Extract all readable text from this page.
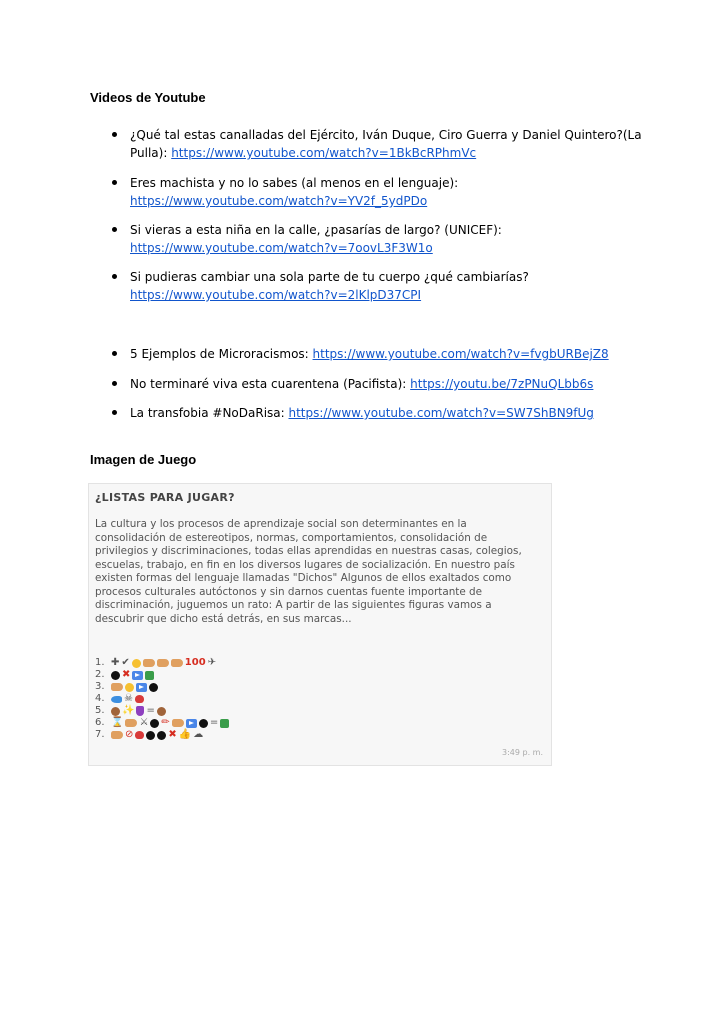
Videos de Youtube
¿Qué tal estas canalladas del Ejército, Iván Duque, Ciro Guerra y Daniel Quintero?(La Pulla): https://www.youtube.com/watch?v=1BkBcRPhmVc
Eres machista y no lo sabes (al menos en el lenguaje):
https://www.youtube.com/watch?v=YV2f_5ydPDo
Si vieras a esta niña en la calle, ¿pasarías de largo? (UNICEF):
https://www.youtube.com/watch?v=7oovL3F3W1o
Si pudieras cambiar una sola parte de tu cuerpo ¿qué cambiarías?
https://www.youtube.com/watch?v=2lKlpD37CPI
5 Ejemplos de Microracismos: https://www.youtube.com/watch?v=fvgbURBejZ8
No terminaré viva esta cuarentena (Pacifista): https://youtu.be/7zPNuQLbb6s
La transfobia #NoDaRisa: https://www.youtube.com/watch?v=SW7ShBN9fUg
Imagen de Juego
¿LISTAS PARA JUGAR?
La cultura y los procesos de aprendizaje social son determinantes en la consolidación de estereotipos, normas, comportamientos, consolidación de privilegios y discriminaciones, todas ellas aprendidas en nuestras casas, colegios, escuelas, trabajo, en fin en los diversos lugares de socialización. En nuestro país existen formas del lenguaje llamadas "Dichos" Algunos de ellos exaltados como procesos culturales autóctonos y sin darnos cuentas fuente importante de discriminación, juguemos un rato: A partir de las siguientes figuras vamos a descubrir que dicho está detrás, en sus marcas...
1. ✚ ✔	100 ✈
2.	✖
3.
4.	☠
5.	✨ =
6. ⌛ ⚔ ✏	=
7.	⊘	✖ 👍 ☁
3:49 p. m.
